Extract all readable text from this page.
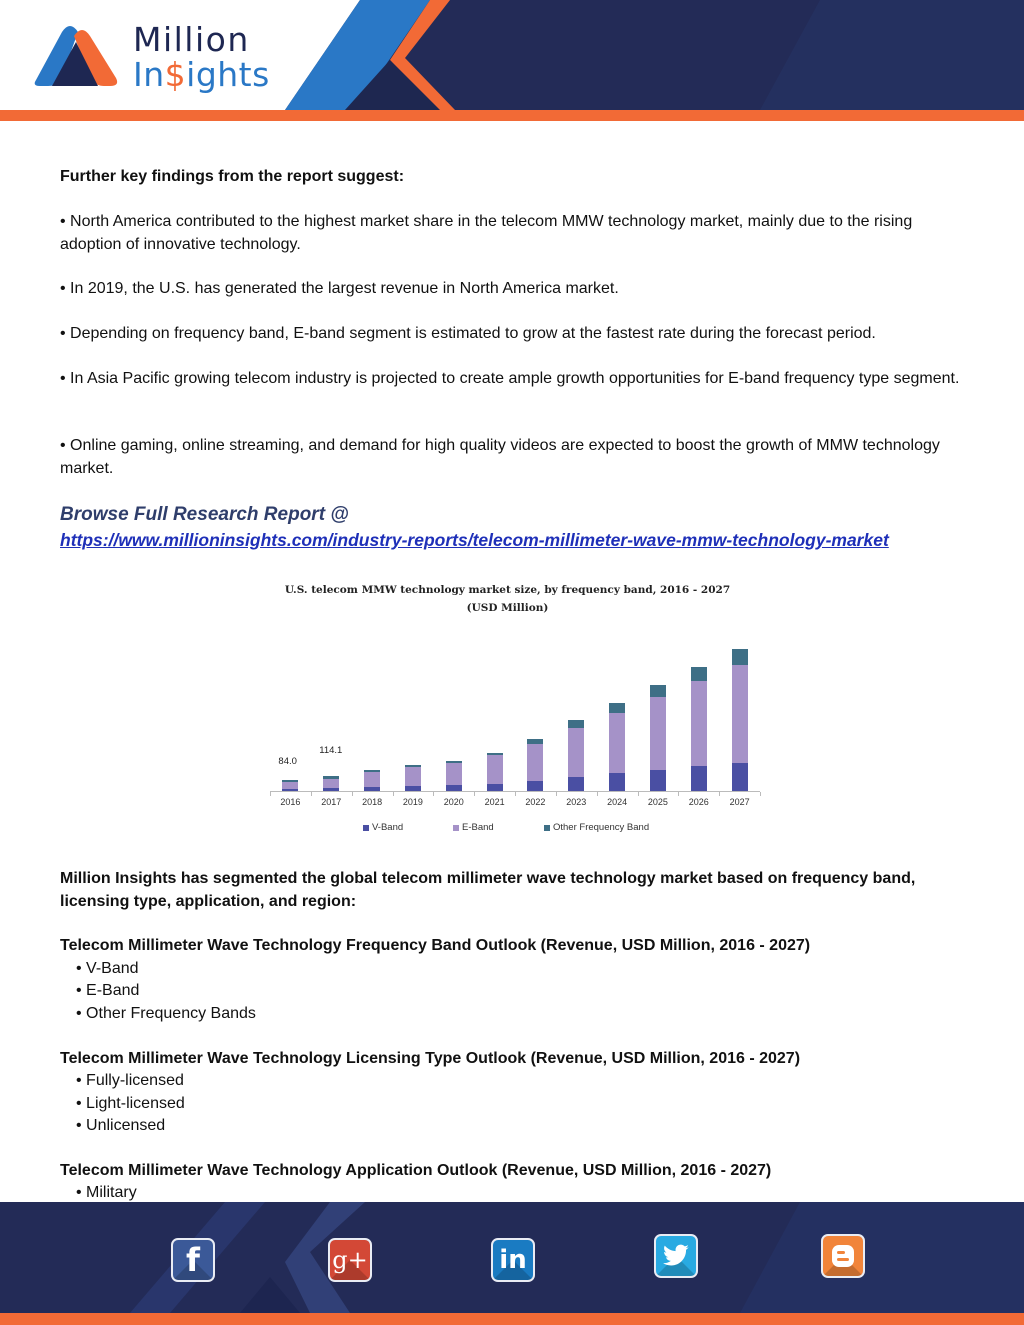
Million
In$ights
Further key findings from the report suggest:
• North America contributed to the highest market share in the telecom MMW technology market, mainly due to the rising adoption of innovative technology.
• In 2019, the U.S. has generated the largest revenue in North America market.
• Depending on frequency band, E-band segment is estimated to grow at the fastest rate during the forecast period.
• In Asia Pacific growing telecom industry is projected to create ample growth opportunities for E-band frequency type segment.
• Online gaming, online streaming, and demand for high quality videos are expected to boost the growth of MMW technology market.
Browse Full Research Report @
https://www.millioninsights.com/industry-reports/telecom-millimeter-wave-mmw-technology-market
U.S. telecom MMW technology market size, by frequency band, 2016 - 2027
(USD Million)
84.0
114.1
2016	2017	2018	2019	2020	2021	2022	2023	2024	2025	2026	2027
V-Band	E-Band	Other Frequency Band
Million Insights has segmented the global telecom millimeter wave technology market based on frequency band, licensing type, application, and region:
Telecom Millimeter Wave Technology Frequency Band Outlook (Revenue, USD Million, 2016 - 2027)
• V-Band
• E-Band
• Other Frequency Bands
Telecom Millimeter Wave Technology Licensing Type Outlook (Revenue, USD Million, 2016 - 2027)
• Fully-licensed
• Light-licensed
• Unlicensed
Telecom Millimeter Wave Technology Application Outlook (Revenue, USD Million, 2016 - 2027)
• Military
f	g+	in
